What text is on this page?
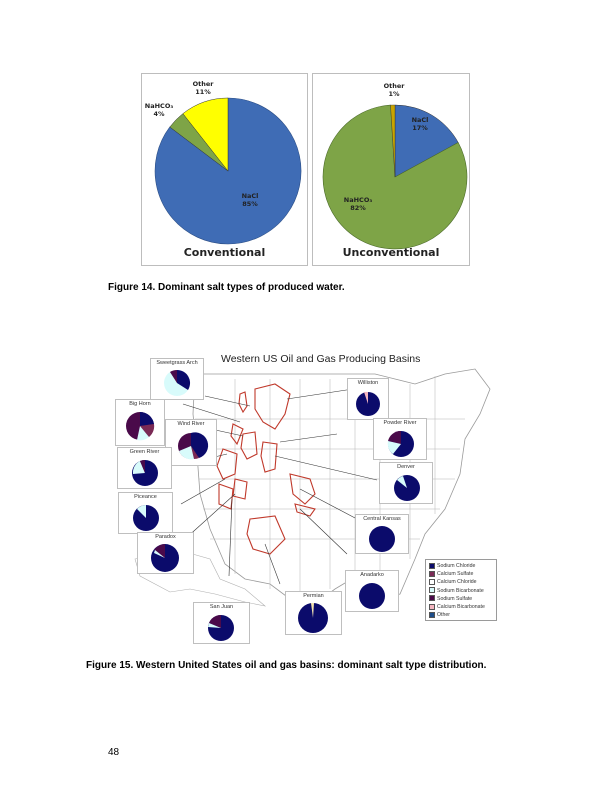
Other
11%
NaHCO₃
4%
NaCl
85%
Conventional
Other
1%
NaCl
17%
NaHCO₃
82%
Unconventional
Figure 14. Dominant salt types of produced water.
Western US Oil and Gas Producing Basins
Sweetgrass Arch
Big Horn
Wind River
Green River
Piceance
Paradox
San Juan
Williston
Powder River
Denver
Central Kansas
Anadarko
Permian
Sodium Chloride
Calcium Sulfate
Calcium Chloride
Sodium Bicarbonate
Sodium Sulfate
Calcium Bicarbonate
Other
Figure 15. Western United States oil and gas basins: dominant salt type distribution.
48
